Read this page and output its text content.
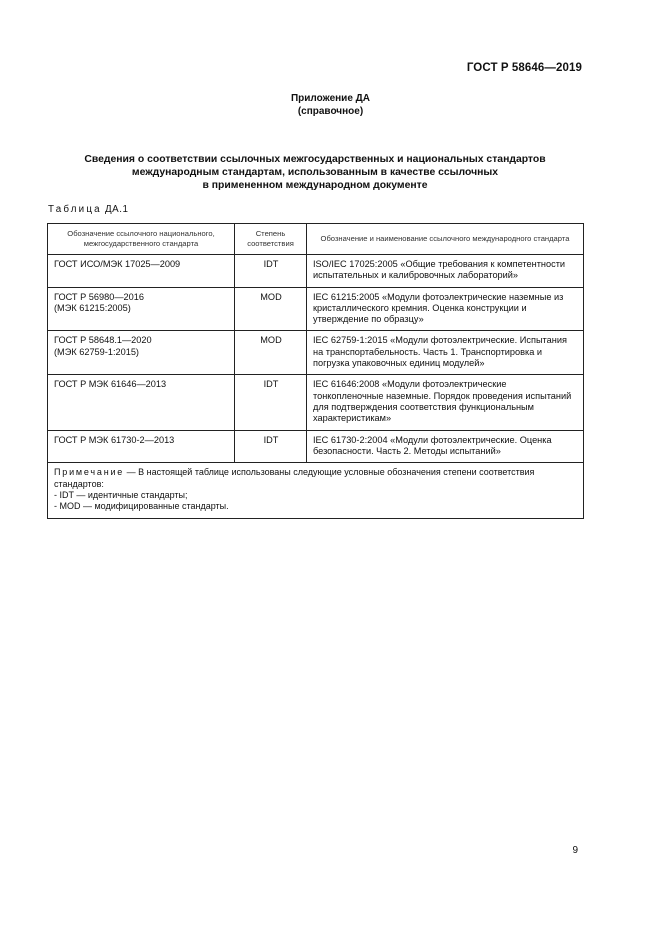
ГОСТ Р 58646—2019
Приложение ДА
(справочное)
Сведения о соответствии ссылочных межгосударственных и национальных стандартов
международным стандартам, использованным в качестве ссылочных
в примененном международном документе
Таблица ДА.1
Обозначение ссылочного национального, межгосударственного стандарта	Степень соответствия	Обозначение и наименование ссылочного международного стандарта

ГОСТ ИСО/МЭК 17025—2009	IDT	ISO/IEC 17025:2005 «Общие требования к компетентности испытательных и калибровочных лабораторий»

ГОСТ Р 56980—2016
(МЭК 61215:2005)	MOD	IEC 61215:2005 «Модули фотоэлектрические наземные из кристаллического кремния. Оценка конструкции и утверждение по образцу»

ГОСТ Р 58648.1—2020
(МЭК 62759-1:2015)	MOD	IEC 62759-1:2015 «Модули фотоэлектрические. Испытания на транспортабельность. Часть 1. Транспортировка и погрузка упаковочных единиц модулей»

ГОСТ Р МЭК 61646—2013	IDT	IEC 61646:2008 «Модули фотоэлектрические тонкопленочные наземные. Порядок проведения испытаний для подтверждения соответствия функциональным характеристикам»

ГОСТ Р МЭК 61730-2—2013	IDT	IEC 61730-2:2004 «Модули фотоэлектрические. Оценка безопасности. Часть 2. Методы испытаний»

Примечание — В настоящей таблице использованы следующие условные обозначения степени соответствия стандартов:
- IDT — идентичные стандарты;
- MOD — модифицированные стандарты.		
9
